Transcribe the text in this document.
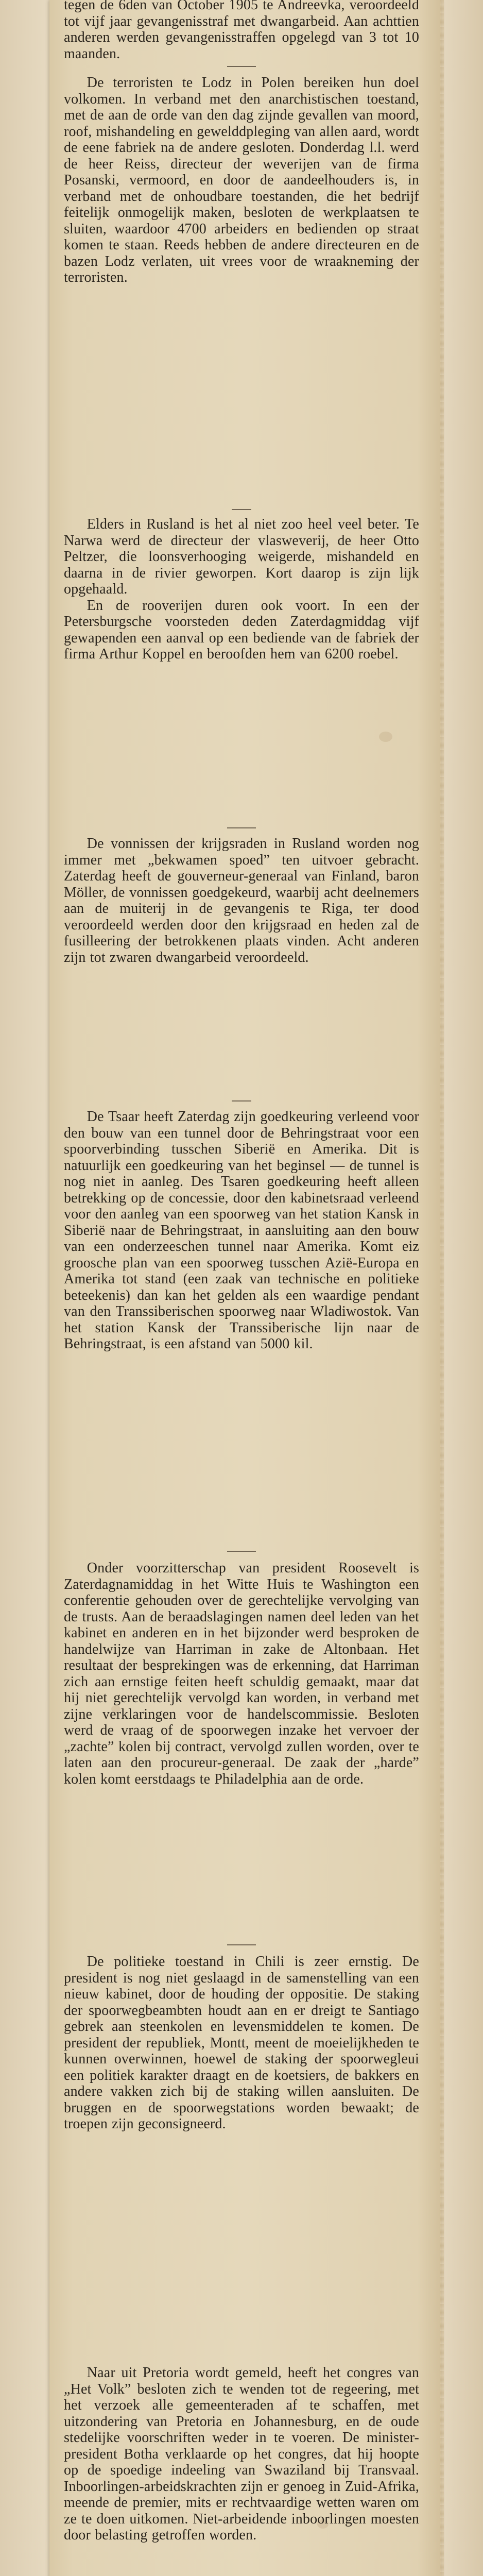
tegen de 6den van October 1905 te Andreevka, veroordeeld tot vijf jaar gevangenisstraf met dwangarbeid. Aan achttien anderen werden gevangenisstraffen opgelegd van 3 tot 10 maanden.

De terroristen te Lodz in Polen bereiken hun doel volkomen. In verband met den anarchistischen toestand, met de aan de orde van den dag zijnde gevallen van moord, roof, mishandeling en gewelddpleging van allen aard, wordt de eene fabriek na de andere gesloten. Donderdag l.l. werd de heer Reiss, directeur der weverijen van de firma Posanski, vermoord, en door de aandeelhouders is, in verband met de onhoudbare toestanden, die het bedrijf feitelijk onmogelijk maken, besloten de werkplaatsen te sluiten, waardoor 4700 arbeiders en bedienden op straat komen te staan. Reeds hebben de andere directeuren en de bazen Lodz verlaten, uit vrees voor de wraakneming der terroristen.

Elders in Rusland is het al niet zoo heel veel beter. Te Narwa werd de directeur der vlasweverij, de heer Otto Peltzer, die loonsverhooging weigerde, mishandeld en daarna in de rivier geworpen. Kort daarop is zijn lijk opgehaald.

En de rooverijen duren ook voort. In een der Petersburgsche voorsteden deden Zaterdagmiddag vijf gewapenden een aanval op een bediende van de fabriek der firma Arthur Koppel en beroofden hem van 6200 roebel.

De vonnissen der krijgsraden in Rusland worden nog immer met „bekwamen spoed” ten uitvoer gebracht. Zaterdag heeft de gouverneur-generaal van Finland, baron Möller, de vonnissen goedgekeurd, waarbij acht deelnemers aan de muiterij in de gevangenis te Riga, ter dood veroordeeld werden door den krijgsraad en heden zal de fusilleering der betrokkenen plaats vinden. Acht anderen zijn tot zwaren dwangarbeid veroordeeld.

De Tsaar heeft Zaterdag zijn goedkeuring verleend voor den bouw van een tunnel door de Behringstraat voor een spoorverbinding tusschen Siberië en Amerika. Dit is natuurlijk een goedkeuring van het beginsel — de tunnel is nog niet in aanleg. Des Tsaren goedkeuring heeft alleen betrekking op de concessie, door den kabinetsraad verleend voor den aanleg van een spoorweg van het station Kansk in Siberië naar de Behringstraat, in aansluiting aan den bouw van een onderzeeschen tunnel naar Amerika. Komt eiz groosche plan van een spoorweg tusschen Azië-Europa en Amerika tot stand (een zaak van technische en politieke beteekenis) dan kan het gelden als een waardige pendant van den Transsiberischen spoorweg naar Wladiwostok. Van het station Kansk der Transsiberische lijn naar de Behringstraat, is een afstand van 5000 kil.

Onder voorzitterschap van president Roosevelt is Zaterdagnamiddag in het Witte Huis te Washington een conferentie gehouden over de gerechtelijke vervolging van de trusts. Aan de beraadslagingen namen deel leden van het kabinet en anderen en in het bijzonder werd besproken de handelwijze van Harriman in zake de Altonbaan. Het resultaat der besprekingen was de erkenning, dat Harriman zich aan ernstige feiten heeft schuldig gemaakt, maar dat hij niet gerechtelijk vervolgd kan worden, in verband met zijne verklaringen voor de handelscommissie. Besloten werd de vraag of de spoorwegen inzake het vervoer der „zachte” kolen bij contract, vervolgd zullen worden, over te laten aan den procureur-generaal. De zaak der „harde” kolen komt eerstdaags te Philadelphia aan de orde.

De politieke toestand in Chili is zeer ernstig. De president is nog niet geslaagd in de samenstelling van een nieuw kabinet, door de houding der oppositie. De staking der spoorwegbeambten houdt aan en er dreigt te Santiago gebrek aan steenkolen en levensmiddelen te komen. De president der republiek, Montt, meent de moeielijkheden te kunnen overwinnen, hoewel de staking der spoorwegleui een politiek karakter draagt en de koetsiers, de bakkers en andere vakken zich bij de staking willen aansluiten. De bruggen en de spoorwegstations worden bewaakt; de troepen zijn geconsigneerd.

Naar uit Pretoria wordt gemeld, heeft het congres van „Het Volk” besloten zich te wenden tot de regeering, met het verzoek alle gemeenteraden af te schaffen, met uitzondering van Pretoria en Johannesburg, en de oude stedelijke voorschriften weder in te voeren. De minister-president Botha verklaarde op het congres, dat hij hoopte op de spoedige indeeling van Swaziland bij Transvaal. Inboorlingen-arbeidskrachten zijn er genoeg in Zuid-Afrika, meende de premier, mits er rechtvaardige wetten waren om ze te doen uitkomen. Niet-arbeidende inboorlingen moesten door belasting getroffen worden.
